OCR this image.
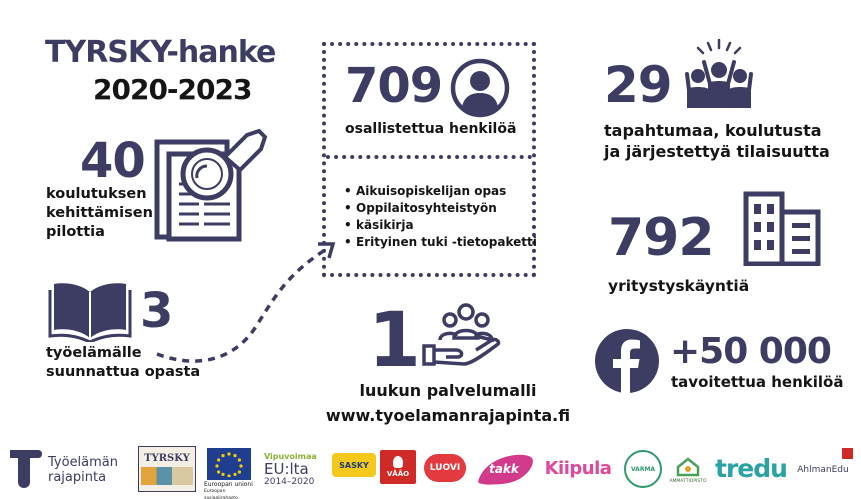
TYRSKY-hanke
2020-2023
40
koulutuksen
kehittämisen
pilottia
3
työelämälle
suunnattua opasta
709
osallistettua henkilöä
• Aikuisopiskelijan opas
• Oppilaitosyhteistyön
• käsikirja
• Erityinen tuki -tietopaketti
29
tapahtumaa, koulutusta
ja järjestettyä tilaisuutta
792
yritystyskäyntiä
1
luukun palvelumalli
www.tyoelamanrajapinta.fi
+50 000
tavoitettua henkilöä
Työelämän
rajapinta
TYRSKY
Euroopan unioni
Euroopan sosiaalirahasto
Vipuvoimaa
EU:lta
2014–2020
SASKY
VÅÅO
LUOVI takk Kiipula	VARMA
AMMATTIOPISTO tredu AhlmanEdu
